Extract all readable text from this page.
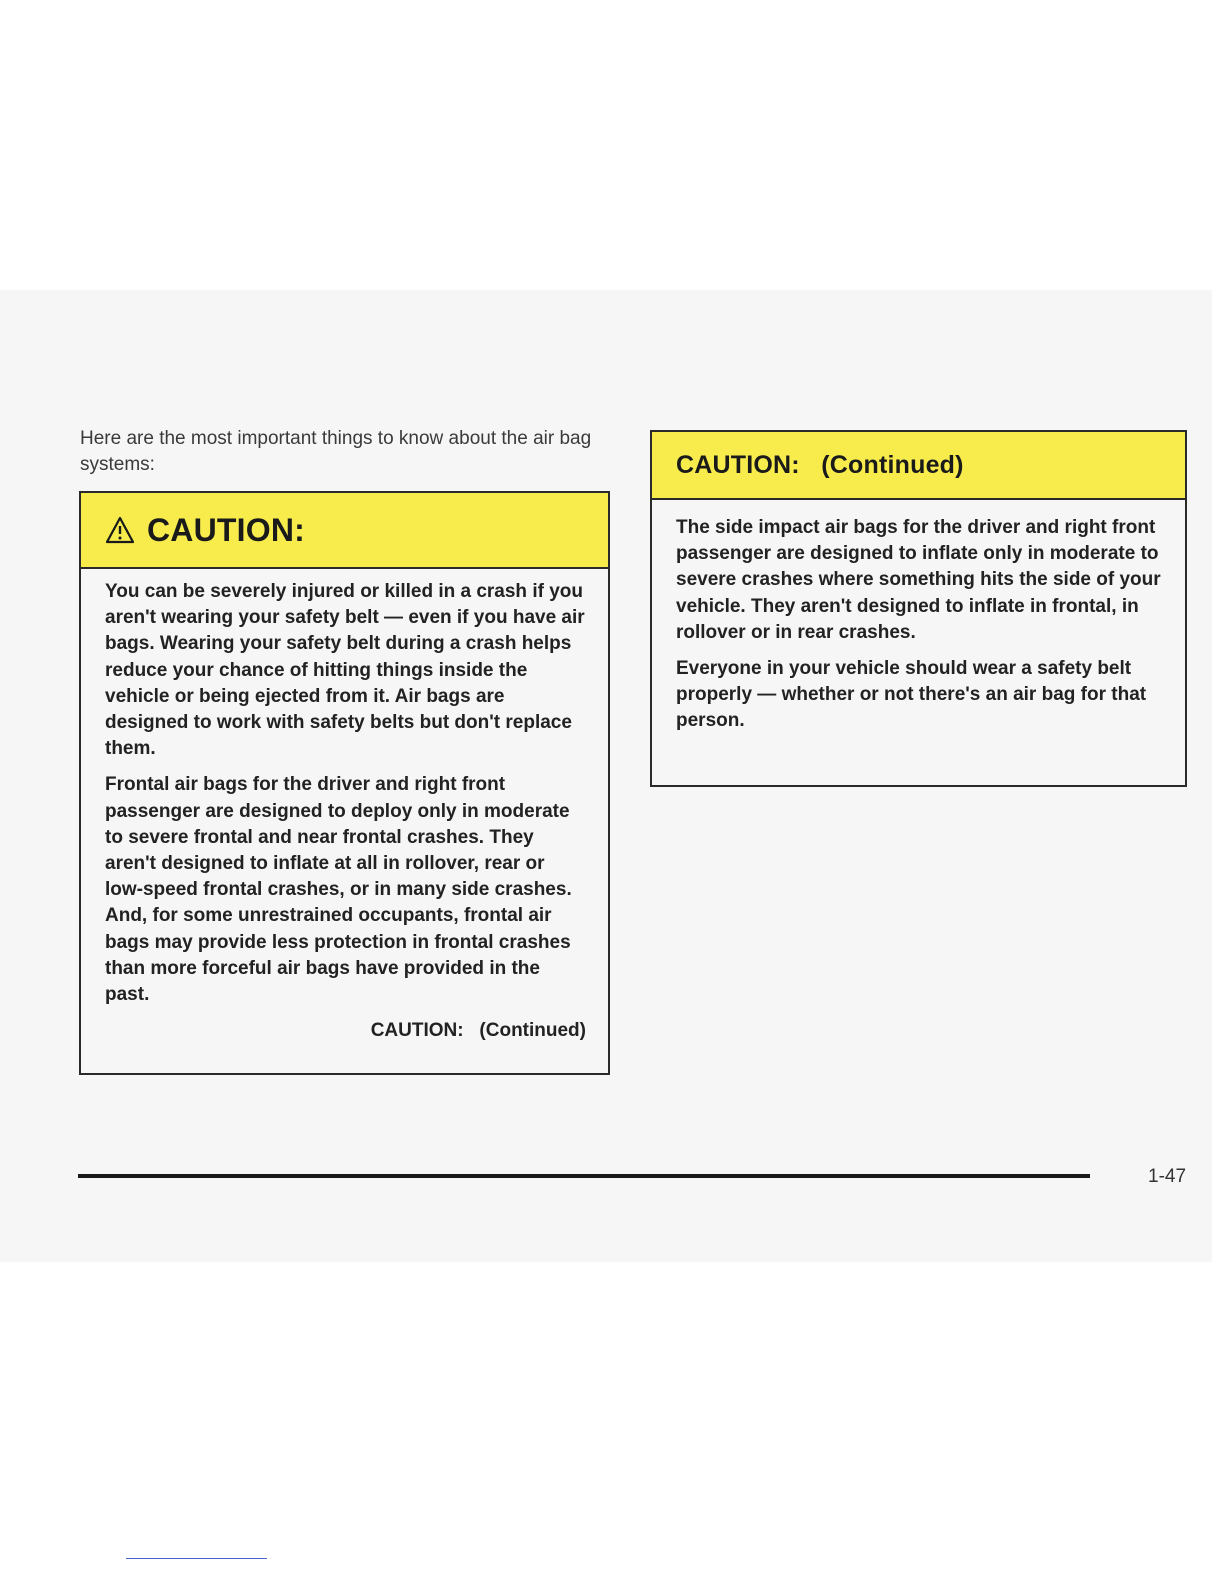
Here are the most important things to know about the air bag systems:

CAUTION:

You can be severely injured or killed in a crash if you aren't wearing your safety belt — even if you have air bags. Wearing your safety belt during a crash helps reduce your chance of hitting things inside the vehicle or being ejected from it. Air bags are designed to work with safety belts but don't replace them.

Frontal air bags for the driver and right front passenger are designed to deploy only in moderate to severe frontal and near frontal crashes. They aren't designed to inflate at all in rollover, rear or low-speed frontal crashes, or in many side crashes. And, for some unrestrained occupants, frontal air bags may provide less protection in frontal crashes than more forceful air bags have provided in the past.

CAUTION:   (Continued)
CAUTION:   (Continued)

The side impact air bags for the driver and right front passenger are designed to inflate only in moderate to severe crashes where something hits the side of your vehicle. They aren't designed to inflate in frontal, in rollover or in rear crashes.

Everyone in your vehicle should wear a safety belt properly — whether or not there's an air bag for that person.

1-47
